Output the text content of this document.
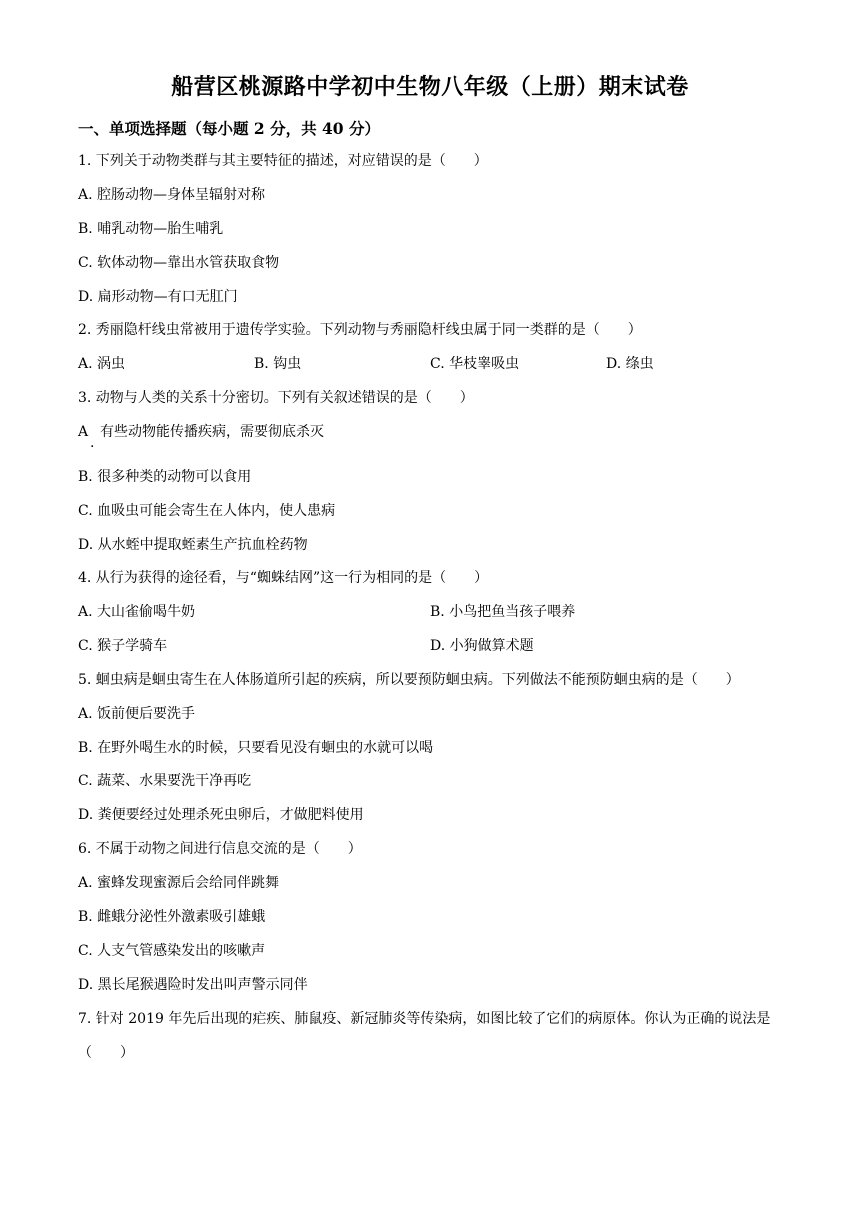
船营区桃源路中学初中生物八年级（上册）期末试卷
一、单项选择题（每小题 2 分，共 40 分）
1. 下列关于动物类群与其主要特征的描述，对应错误的是（　　）
A. 腔肠动物—身体呈辐射对称
B. 哺乳动物—胎生哺乳
C. 软体动物—靠出水管获取食物
D. 扁形动物—有口无肛门
2. 秀丽隐杆线虫常被用于遗传学实验。下列动物与秀丽隐杆线虫属于同一类群的是（　　）
A. 涡虫	B. 钩虫	C. 华枝睾吸虫	D. 绦虫
3. 动物与人类的关系十分密切。下列有关叙述错误的是（　　）
A 有些动物能传播疾病，需要彻底杀灭
·
B. 很多种类的动物可以食用
C. 血吸虫可能会寄生在人体内，使人患病
D. 从水蛭中提取蛭素生产抗血栓药物
4. 从行为获得的途径看，与“蜘蛛结网”这一行为相同的是（　　）
A. 大山雀偷喝牛奶	B. 小鸟把鱼当孩子喂养
C. 猴子学骑车	D. 小狗做算术题
5. 蛔虫病是蛔虫寄生在人体肠道所引起的疾病，所以要预防蛔虫病。下列做法不能预防蛔虫病的是（　　）
A. 饭前便后要洗手
B. 在野外喝生水的时候，只要看见没有蛔虫的水就可以喝
C. 蔬菜、水果要洗干净再吃
D. 粪便要经过处理杀死虫卵后，才做肥料使用
6. 不属于动物之间进行信息交流的是（　　）
A. 蜜蜂发现蜜源后会给同伴跳舞
B. 雌蛾分泌性外激素吸引雄蛾
C. 人支气管感染发出的咳嗽声
D. 黑长尾猴遇险时发出叫声警示同伴
7. 针对 2019 年先后出现的疟疾、肺鼠疫、新冠肺炎等传染病，如图比较了它们的病原体。你认为正确的说法是（　　）
